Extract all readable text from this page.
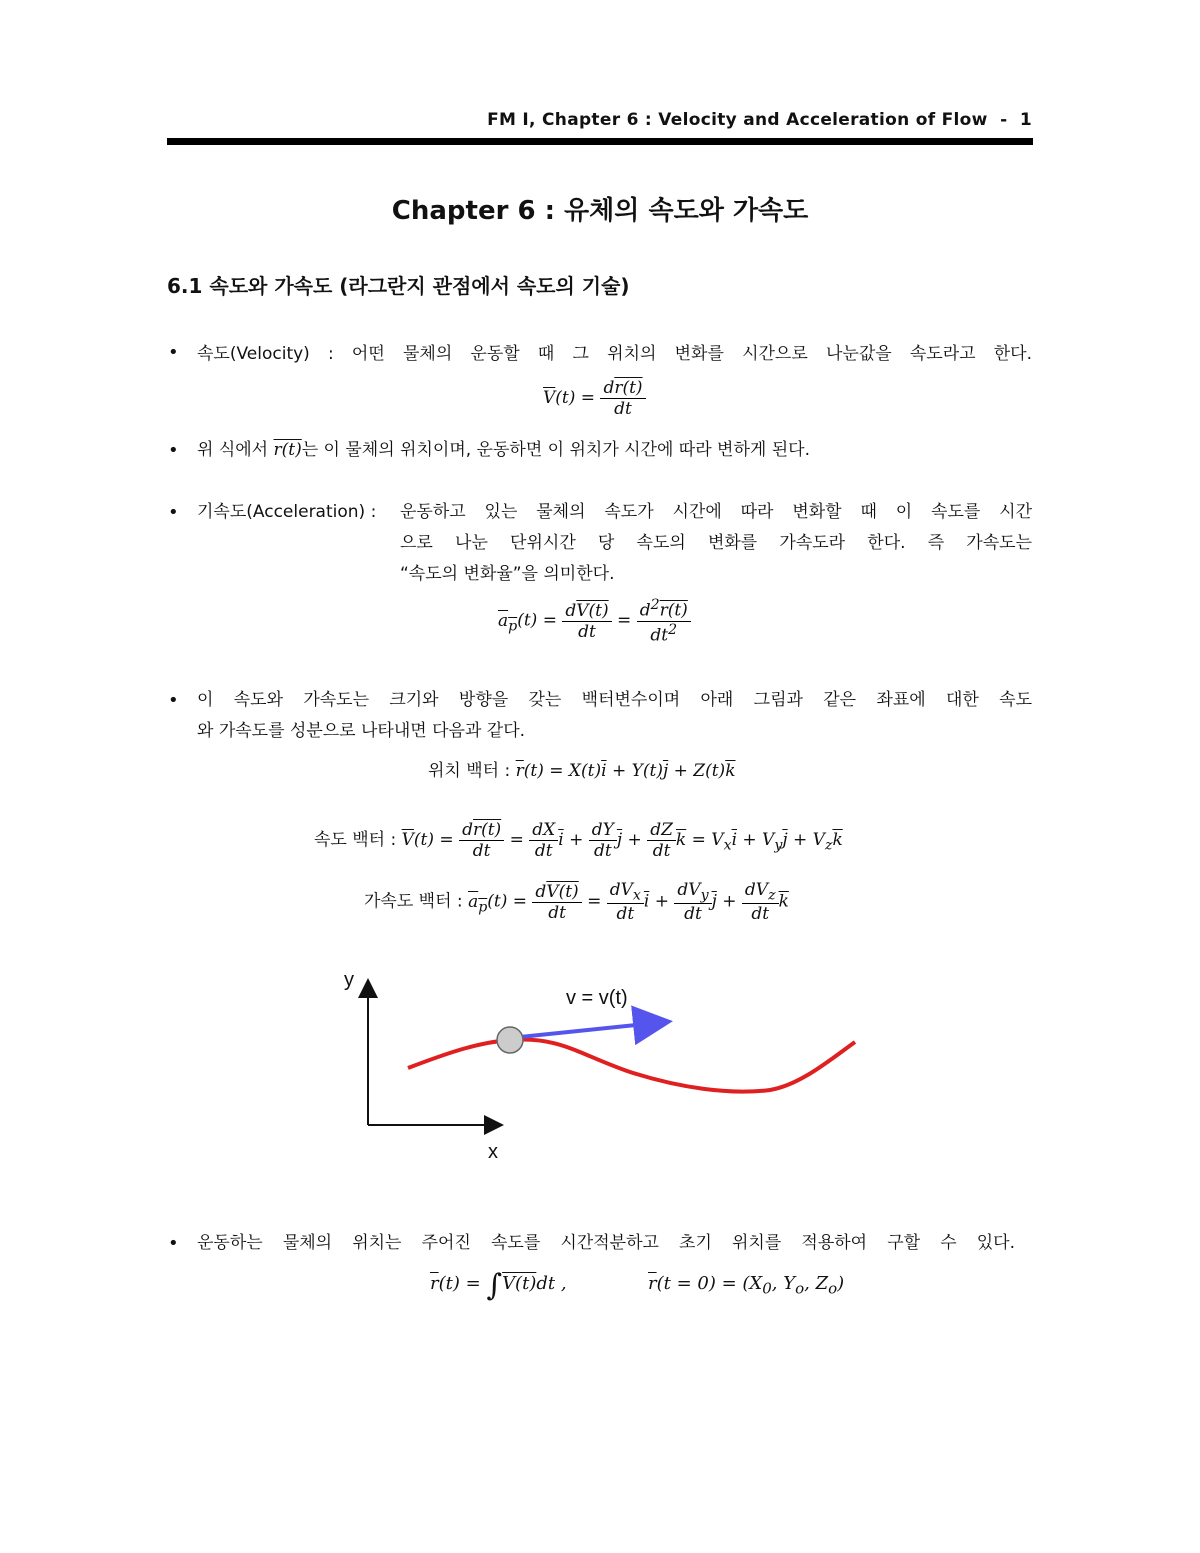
FM I, Chapter 6 : Velocity and Acceleration of Flow  -  1
Chapter 6 : 유체의 속도와 가속도
6.1 속도와 가속도 (라그란지 관점에서 속도의 기술)
• 속도(Velocity) : 어떤 물체의 운동할 때 그 위치의 변화를 시간으로 나눈값을 속도라고 한다.
$\overline{V}(t) = \frac{dr(t)}{dt}$
• 위 식에서 r(t)는 이 물체의 위치이며, 운동하면 이 위치가 시간에 따라 변하게 된다.
• 기속도(Acceleration) : 운동하고 있는 물체의 속도가 시간에 따라 변화할 때 이 속도를 시간
으로 나눈 단위시간 당 속도의 변화를 가속도라 한다. 즉 가속도는
“속도의 변화율”을 의미한다.
$a_p(t) = \frac{dV(t)}{dt} = \frac{d^2r(t)}{dt^2}$
• 이 속도와 가속도는 크기와 방향을 갖는 백터변수이며 아래 그림과 같은 좌표에 대한 속도
와 가속도를 성분으로 나타내면 다음과 같다.
위치 백터 : $\overline{r}(t) = X(t)\overline{i} + Y(t)\overline{j} + Z(t)\overline{k}$
속도 백터 : $\overline{V}(t) = \frac{dr(t)}{dt} = \frac{dX}{dt} \overline{i} + \frac{dY}{dt} \overline{j} + \frac{dZ}{dt} \overline{k} = V_x\overline{i} + V_y\overline{j} + V_z\overline{k}$
가속도 백터 : $a_p(t) = \frac{dV(t)}{dt} = \frac{dV_x}{dt} \overline{i} + \frac{dV_y}{dt} \overline{j} + \frac{dV_z}{dt} \overline{k}$
y
x
v = v(t)
• 운동하는 물체의 위치는 주어진 속도를 시간적분하고 초기 위치를 적용하여 구할 수 있다.
$\overline{r}(t) = \int V(t)dt$ ,	$\overline{r}(t = 0) = (X_0$, $Y_o$, $Z_o$)
